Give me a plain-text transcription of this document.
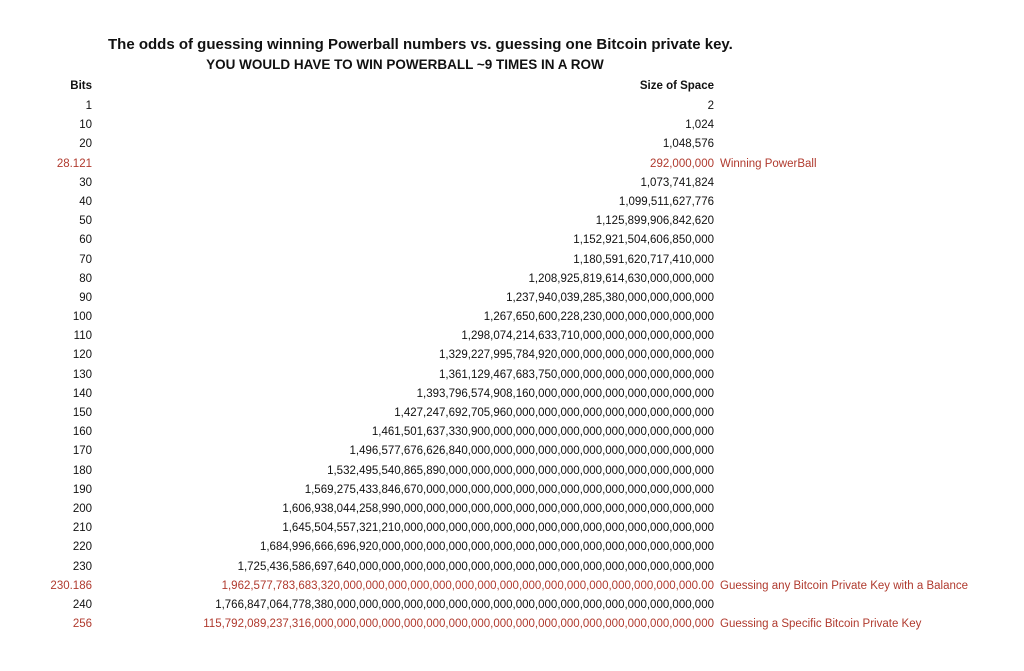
The odds of guessing winning Powerball numbers vs. guessing one Bitcoin private key.
YOU WOULD HAVE TO WIN POWERBALL ~9 TIMES IN A ROW
Bits	Size of Space
1	2
10	1,024
20	1,048,576
28.121	292,000,000 Winning PowerBall
30	1,073,741,824
40	1,099,511,627,776
50	1,125,899,906,842,620
60	1,152,921,504,606,850,000
70	1,180,591,620,717,410,000
80	1,208,925,819,614,630,000,000,000
90	1,237,940,039,285,380,000,000,000,000
100	1,267,650,600,228,230,000,000,000,000,000
110	1,298,074,214,633,710,000,000,000,000,000,000
120	1,329,227,995,784,920,000,000,000,000,000,000,000
130	1,361,129,467,683,750,000,000,000,000,000,000,000
140	1,393,796,574,908,160,000,000,000,000,000,000,000,000
150	1,427,247,692,705,960,000,000,000,000,000,000,000,000,000
160	1,461,501,637,330,900,000,000,000,000,000,000,000,000,000,000
170	1,496,577,676,626,840,000,000,000,000,000,000,000,000,000,000,000
180	1,532,495,540,865,890,000,000,000,000,000,000,000,000,000,000,000,000
190	1,569,275,433,846,670,000,000,000,000,000,000,000,000,000,000,000,000,000
200	1,606,938,044,258,990,000,000,000,000,000,000,000,000,000,000,000,000,000,000
210	1,645,504,557,321,210,000,000,000,000,000,000,000,000,000,000,000,000,000,000
220	1,684,996,666,696,920,000,000,000,000,000,000,000,000,000,000,000,000,000,000,000
230	1,725,436,586,697,640,000,000,000,000,000,000,000,000,000,000,000,000,000,000,000,000
230.186	1,962,577,783,683,320,000,000,000,000,000,000,000,000,000,000,000,000,000,000,000,000.00 Guessing any Bitcoin Private Key with a Balance
240	1,766,847,064,778,380,000,000,000,000,000,000,000,000,000,000,000,000,000,000,000,000,000
256	115,792,089,237,316,000,000,000,000,000,000,000,000,000,000,000,000,000,000,000,000,000,000 Guessing a Specific Bitcoin Private Key
